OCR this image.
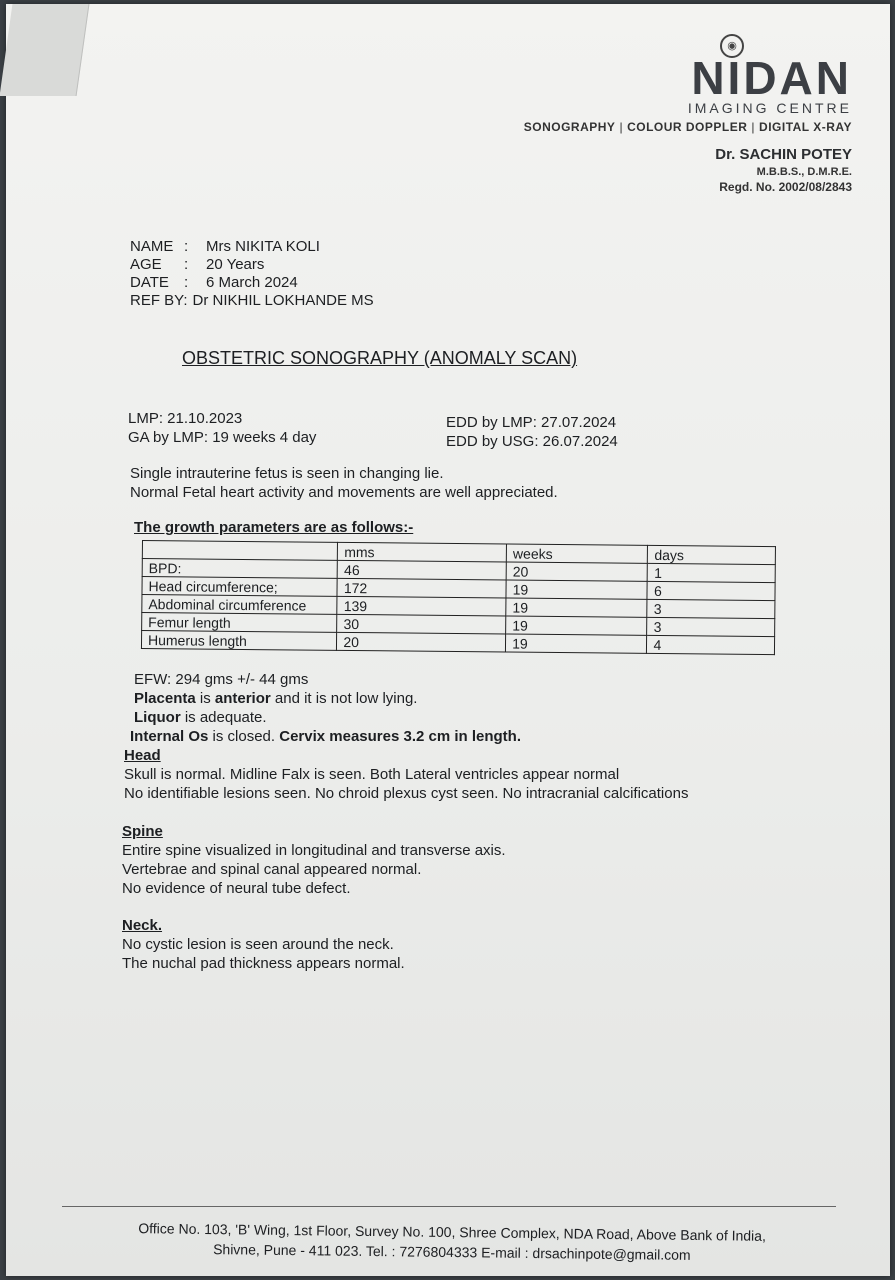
◉
NIDAN
IMAGING CENTRE
SONOGRAPHY | COLOUR DOPPLER | DIGITAL X-RAY
Dr. SACHIN POTEY
M.B.B.S., D.M.R.E.
Regd. No. 2002/08/2843
NAME :	Mrs NIKITA KOLI
AGE	:	20 Years
DATE	:	6 March 2024
REF BY: Dr NIKHIL LOKHANDE MS
OBSTETRIC SONOGRAPHY (ANOMALY SCAN)
LMP: 21.10.2023
GA by LMP: 19 weeks 4 day
EDD by LMP: 27.07.2024
EDD by USG: 26.07.2024
Single intrauterine fetus is seen in changing lie.
Normal Fetal heart activity and movements are well appreciated.
The growth parameters are as follows:-
	mms	weeks	days
BPD:	46	20	1
Head circumference;	172	19	6
Abdominal circumference	139	19	3
Femur length	30	19	3
Humerus length	20	19	4
EFW: 294 gms +/- 44 gms
Placenta is anterior and it is not low lying.
Liquor is adequate.
Internal Os is closed. Cervix measures 3.2 cm in length.
Head
Skull is normal. Midline Falx is seen. Both Lateral ventricles appear normal
No identifiable lesions seen. No chroid plexus cyst seen. No intracranial calcifications
Spine
Entire spine visualized in longitudinal and transverse axis.
Vertebrae and spinal canal appeared normal.
No evidence of neural tube defect.
Neck.
No cystic lesion is seen around the neck.
The nuchal pad thickness appears normal.
Office No. 103, 'B' Wing, 1st Floor, Survey No. 100, Shree Complex, NDA Road, Above Bank of India,
Shivne, Pune - 411 023. Tel. : 7276804333 E-mail : drsachinpote@gmail.com
